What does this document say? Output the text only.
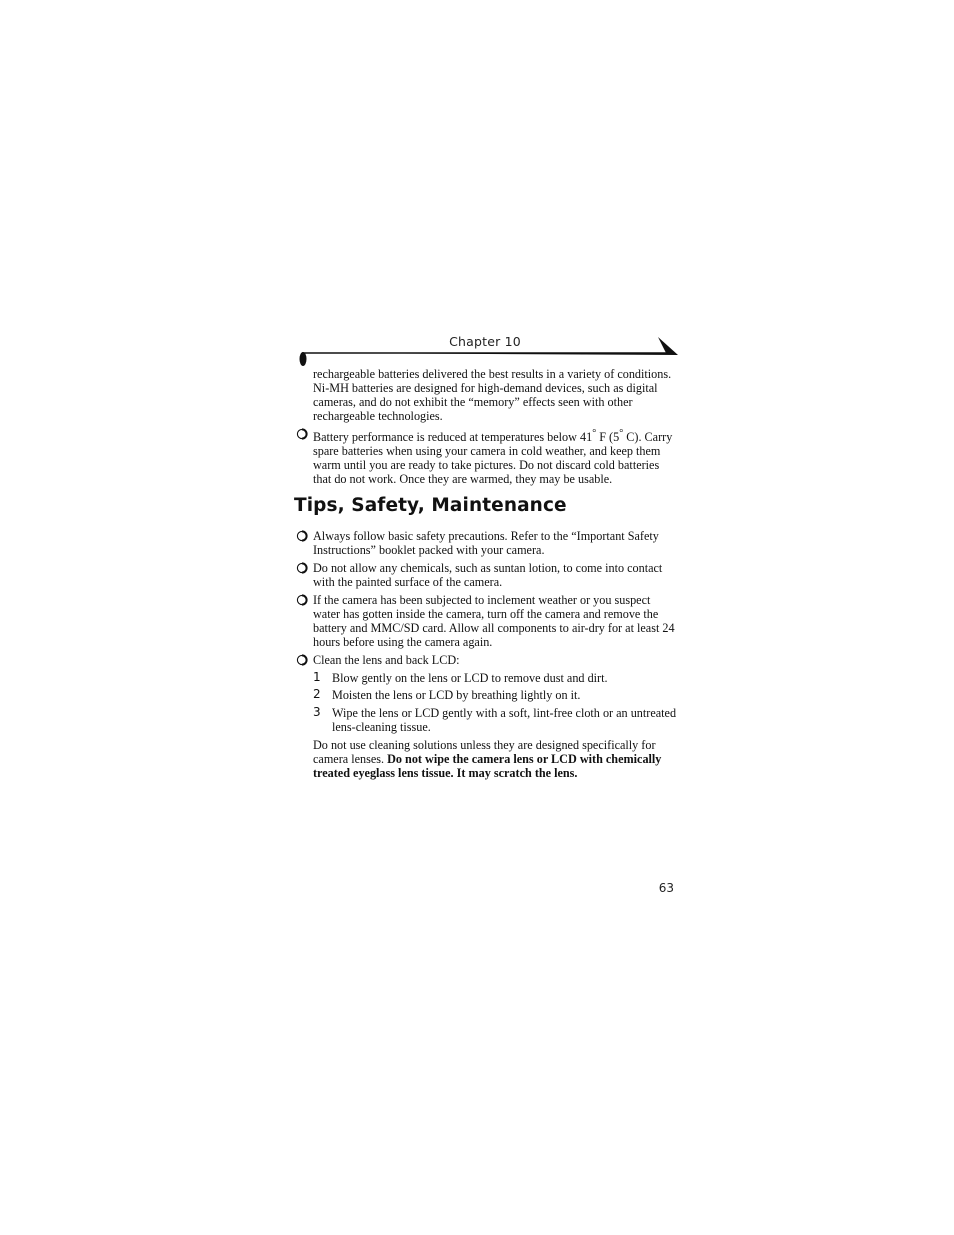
Chapter 10

rechargeable batteries delivered the best results in a variety of conditions. Ni-MH batteries are designed for high-demand devices, such as digital cameras, and do not exhibit the “memory” effects seen with other rechargeable technologies.

Battery performance is reduced at temperatures below 41° F (5° C). Carry spare batteries when using your camera in cold weather, and keep them warm until you are ready to take pictures. Do not discard cold batteries that do not work. Once they are warmed, they may be usable.

Tips, Safety, Maintenance

Always follow basic safety precautions. Refer to the “Important Safety Instructions” booklet packed with your camera.

Do not allow any chemicals, such as suntan lotion, to come into contact with the painted surface of the camera.

If the camera has been subjected to inclement weather or you suspect water has gotten inside the camera, turn off the camera and remove the battery and MMC/SD card. Allow all components to air-dry for at least 24 hours before using the camera again.

Clean the lens and back LCD:

1 Blow gently on the lens or LCD to remove dust and dirt.

2 Moisten the lens or LCD by breathing lightly on it.

3 Wipe the lens or LCD gently with a soft, lint-free cloth or an untreated lens-cleaning tissue.

Do not use cleaning solutions unless they are designed specifically for camera lenses. Do not wipe the camera lens or LCD with chemically treated eyeglass lens tissue. It may scratch the lens.

63
